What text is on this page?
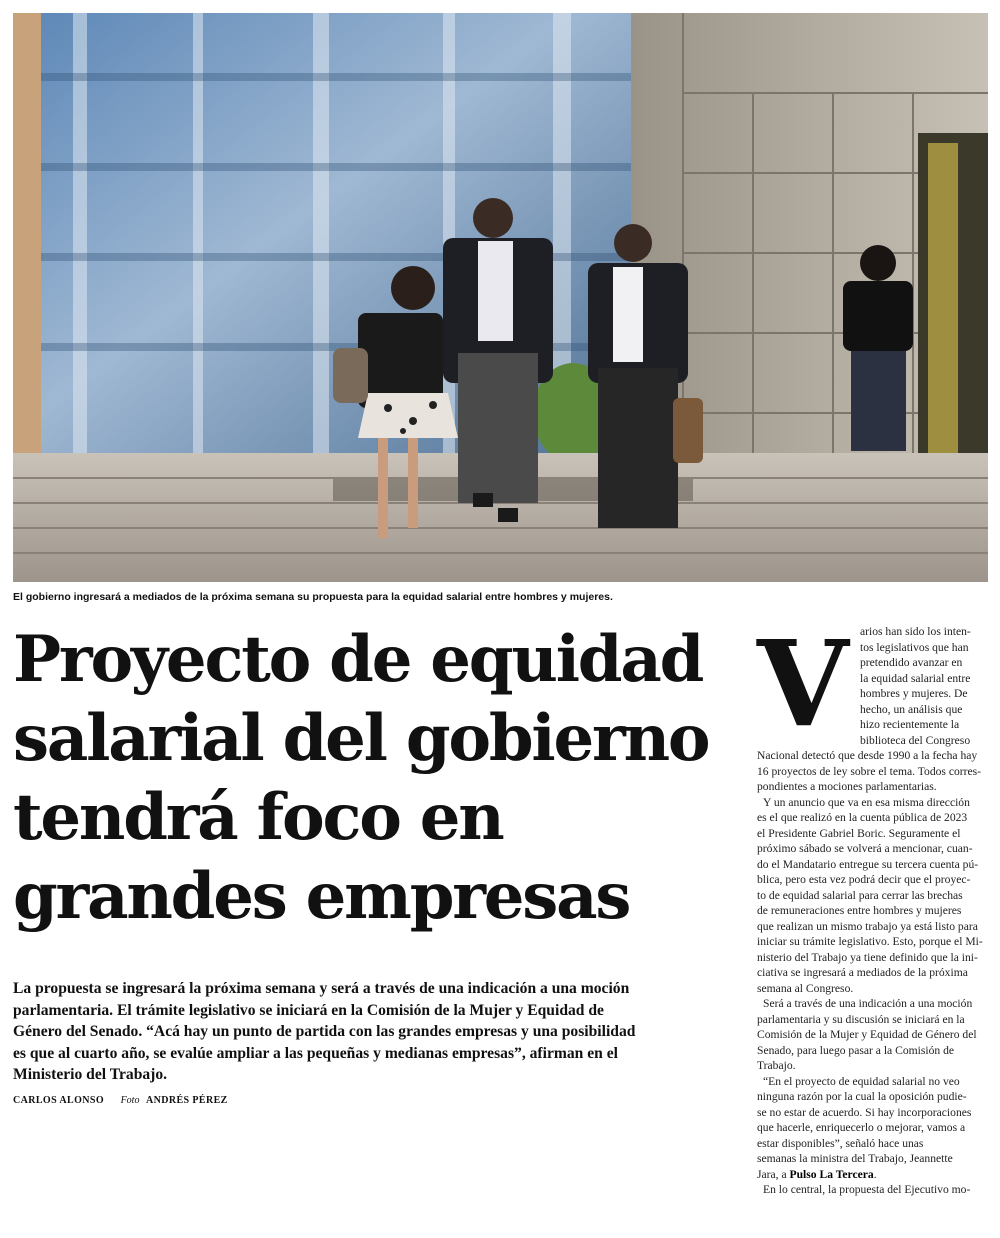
El gobierno ingresará a mediados de la próxima semana su propuesta para la equidad salarial entre hombres y mujeres.
Proyecto de equidad
salarial del gobierno
tendrá foco en
grandes empresas
La propuesta se ingresará la próxima semana y será a través de una indicación a una moción
parlamentaria. El trámite legislativo se iniciará en la Comisión de la Mujer y Equidad de
Género del Senado. “Acá hay un punto de partida con las grandes empresas y una posibilidad
es que al cuarto año, se evalúe ampliar a las pequeñas y medianas empresas”, afirman en el
Ministerio del Trabajo.
CARLOS ALONSO Foto ANDRÉS PÉREZ
V	arios han sido los inten-
tos legislativos que han
pretendido avanzar en
la equidad salarial entre
hombres y mujeres. De
hecho, un análisis que
hizo recientemente la
biblioteca del Congreso
Nacional detectó que desde 1990 a la fecha hay
16 proyectos de ley sobre el tema. Todos corres-
pondientes a mociones parlamentarias.
Y un anuncio que va en esa misma dirección
es el que realizó en la cuenta pública de 2023
el Presidente Gabriel Boric. Seguramente el
próximo sábado se volverá a mencionar, cuan-
do el Mandatario entregue su tercera cuenta pú-
blica, pero esta vez podrá decir que el proyec-
to de equidad salarial para cerrar las brechas
de remuneraciones entre hombres y mujeres
que realizan un mismo trabajo ya está listo para
iniciar su trámite legislativo. Esto, porque el Mi-
nisterio del Trabajo ya tiene definido que la ini-
ciativa se ingresará a mediados de la próxima
semana al Congreso.
Será a través de una indicación a una moción
parlamentaria y su discusión se iniciará en la
Comisión de la Mujer y Equidad de Género del
Senado, para luego pasar a la Comisión de
Trabajo.
“En el proyecto de equidad salarial no veo
ninguna razón por la cual la oposición pudie-
se no estar de acuerdo. Si hay incorporaciones
que hacerle, enriquecerlo o mejorar, vamos a
estar disponibles”, señaló hace unas
semanas la ministra del Trabajo, Jeannette
Jara, a Pulso La Tercera.
En lo central, la propuesta del Ejecutivo mo-
